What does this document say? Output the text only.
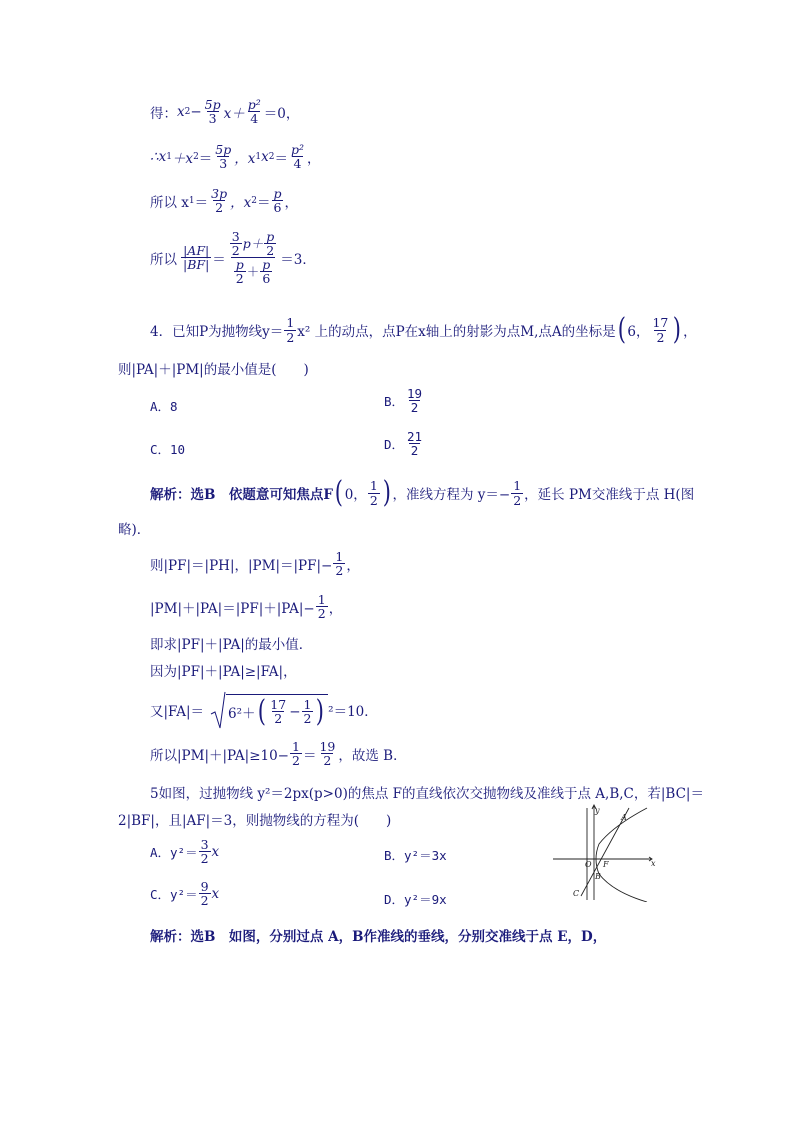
得： x $2 - \frac{5p}{3} x+ \frac{\text{p²}}{4} =0$，
∴x 1 ＋x $2 = \frac{5p}{3}$ ，x 1 x $2 = \frac{\text{p²}}{4}$ ，
所以 x $1 = \frac{3p}{2}$ ，x $2 = \frac{p}{6}$ ，
所以 $\frac{|AF|}{|BF|} = \frac{\frac{3}{2} p+ \frac{p}{2}}{\frac{p}{2} + \frac{p}{6}} =3$．
4．已知P为抛物线$y= \frac{1}{2} x^2$ 上的动点，点P在x轴上的射影为点M,点A的坐标是 ( 6， $\frac{17}{2}$ ) ，
则|PA|＋|PM|的最小值是(　　)
A．8	B． $\frac{19}{2}$
C．10	D． $\frac{21}{2}$
解析：选B　依题意可知焦点F ( 0， $\frac{1}{2}$ ) ，准线方程为 $y=- \frac{1}{2}$ ，延长 PM交准线于点 H(图
略)．
则|PF|＝|PH|，$|PM|=|PF|- \frac{1}{2}$ ，
$|PM|+|PA|=|PF|+|PA|- \frac{1}{2}$ ，
即求|PF|＋|PA|的最小值．
因为|PF|＋|PA|≥|FA|，
又|FA|＝ 6²＋ ( $\frac{17}{2} - \frac{1}{2}$ ) ²＝10．
所以$|PM|+|PA|\ge 10- \frac{1}{2} = \frac{19}{2}$ ，故选 B．
5如图，过抛物线 y²＝2px(p>0)的焦点 F的直线依次交抛物线及准线于点 A,B,C，若|BC|＝
2|BF|，且|AF|＝3，则抛物线的方程为(　　)
A．$y^2= \frac{3}{2}$ x	B．y²＝3x
C．$y^2= \frac{9}{2}$ x	D．y²＝9x
y
x
A
O F
B
C
解析：选B　如图，分别过点 A，B作准线的垂线，分别交准线于点 E，D，
